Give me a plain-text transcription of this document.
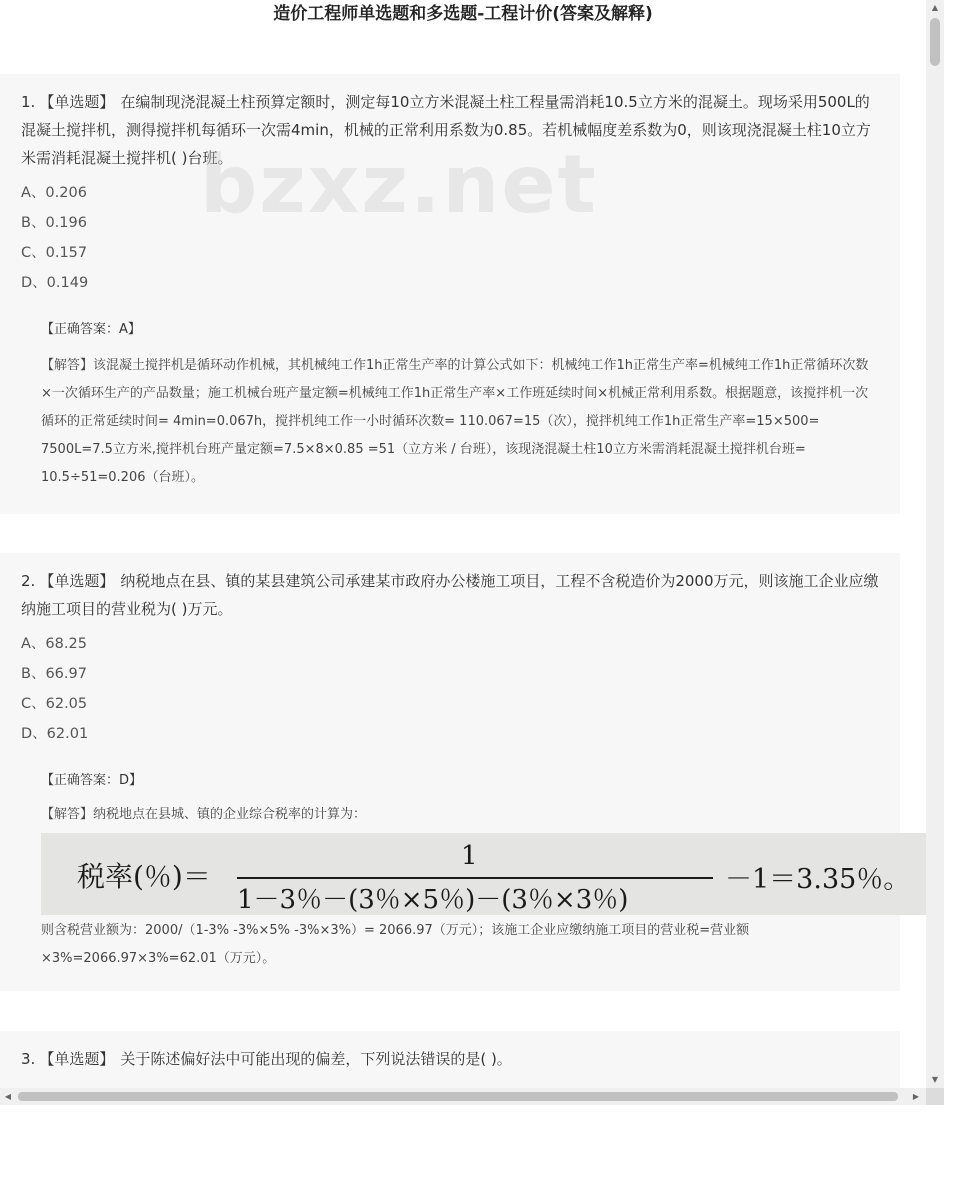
造价工程师单选题和多选题-工程计价(答案及解释)

1. 【单选题】 在编制现浇混凝土柱预算定额时，测定每10立方米混凝土柱工程量需消耗10.5立方米的混凝土。现场采用500L的混凝土搅拌机，测得搅拌机每循环一次需4min，机械的正常利用系数为0.85。若机械幅度差系数为0，则该现浇混凝土柱10立方米需消耗混凝土搅拌机( )台班。

A、0.206
B、0.196
C、0.157
D、0.149
【正确答案：A】
【解答】该混凝土搅拌机是循环动作机械，其机械纯工作1h正常生产率的计算公式如下：机械纯工作1h正常生产率=机械纯工作1h正常循环次数×一次循环生产的产品数量；施工机械台班产量定额=机械纯工作1h正常生产率×工作班延续时间×机械正常利用系数。根据题意，该搅拌机一次循环的正常延续时间= 4min=0.067h，搅拌机纯工作一小时循环次数= 110.067=15（次），搅拌机纯工作1h正常生产率=15×500= 7500L=7.5立方米,搅拌机台班产量定额=7.5×8×0.85 =51（立方米 / 台班），该现浇混凝土柱10立方米需消耗混凝土搅拌机台班= 10.5÷51=0.206（台班）。

2. 【单选题】 纳税地点在县、镇的某县建筑公司承建某市政府办公楼施工项目，工程不含税造价为2000万元，则该施工企业应缴纳施工项目的营业税为( )万元。

A、68.25
B、66.97
C、62.05
D、62.01
【正确答案：D】
【解答】纳税地点在县城、镇的企业综合税率的计算为：
税率(％)＝
1
1－3％－(3％×5％)－(3％×3％)
－1＝3.35％。
则含税营业额为：2000/（1-3% -3%×5% -3%×3%）= 2066.97（万元）；该施工企业应缴纳施工项目的营业税=营业额×3%=2066.97×3%=62.01（万元）。

3. 【单选题】 关于陈述偏好法中可能出现的偏差，下列说法错误的是( )。

bzxz.net
▲
▼
◀	▶
